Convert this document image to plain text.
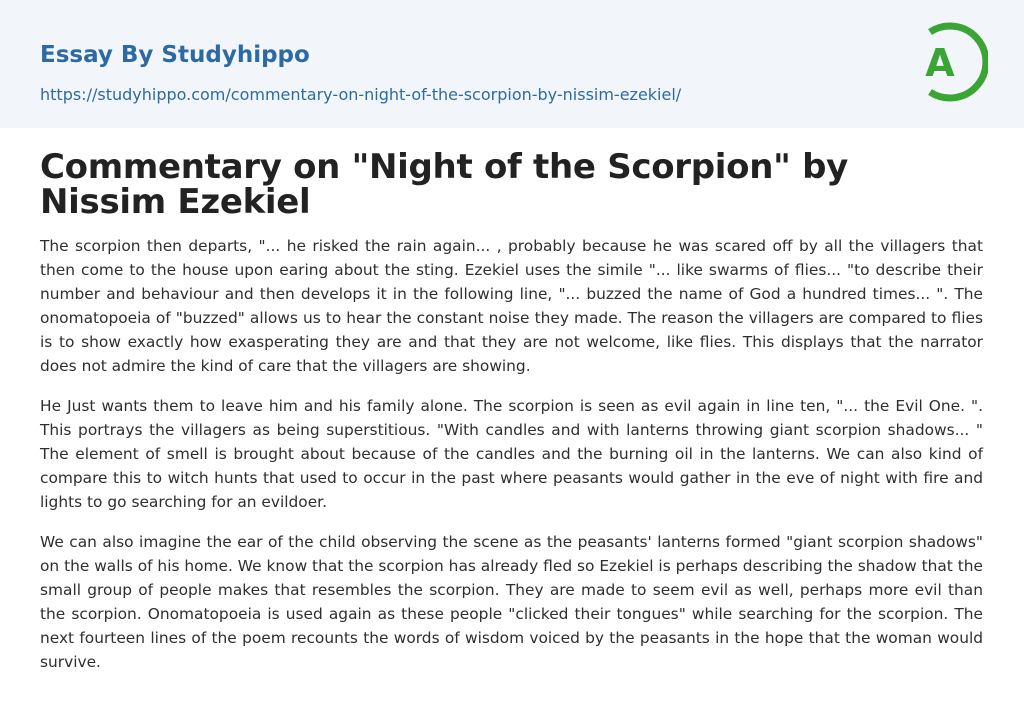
Essay By Studyhippo
https://studyhippo.com/commentary-on-night-of-the-scorpion-by-nissim-ezekiel/
A
Commentary on "Night of the Scorpion" by Nissim Ezekiel

The scorpion then departs, "... he risked the rain again... , probably because he was scared off by all the villagers that then come to the house upon earing about the sting. Ezekiel uses the simile "... like swarms of flies... "to describe their number and behaviour and then develops it in the following line, "... buzzed the name of God a hundred times... ". The onomatopoeia of "buzzed" allows us to hear the constant noise they made. The reason the villagers are compared to flies is to show exactly how exasperating they are and that they are not welcome, like flies. This displays that the narrator does not admire the kind of care that the villagers are showing.

He Just wants them to leave him and his family alone. The scorpion is seen as evil again in line ten, "... the Evil One. ". This portrays the villagers as being superstitious. "With candles and with lanterns throwing giant scorpion shadows... " The element of smell is brought about because of the candles and the burning oil in the lanterns. We can also kind of compare this to witch hunts that used to occur in the past where peasants would gather in the eve of night with fire and lights to go searching for an evildoer.

We can also imagine the ear of the child observing the scene as the peasants' lanterns formed "giant scorpion shadows" on the walls of his home. We know that the scorpion has already fled so Ezekiel is perhaps describing the shadow that the small group of people makes that resembles the scorpion. They are made to seem evil as well, perhaps more evil than the scorpion. Onomatopoeia is used again as these people "clicked their tongues" while searching for the scorpion. The next fourteen lines of the poem recounts the words of wisdom voiced by the peasants in the hope that the woman would survive.
